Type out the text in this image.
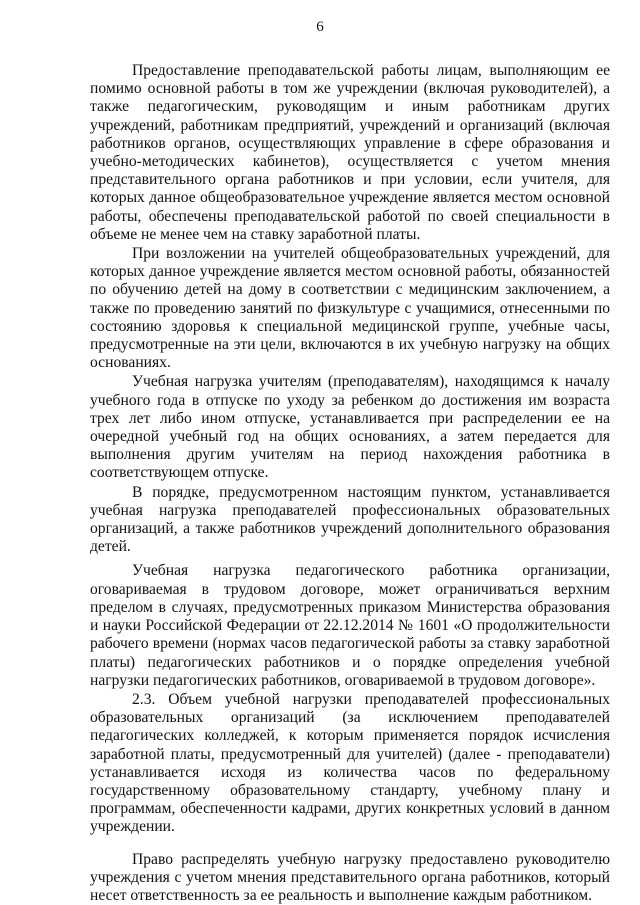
6

Предоставление преподавательской работы лицам, выполняющим ее помимо основной работы в том же учреждении (включая руководителей), а также педагогическим, руководящим и иным работникам других учреждений, работникам предприятий, учреждений и организаций (включая работников органов, осуществляющих управление в сфере образования и учебно-методических кабинетов), осуществляется с учетом мнения представительного органа работников и при условии, если учителя, для которых данное общеобразовательное учреждение является местом основной работы, обеспечены преподавательской работой по своей специальности в объеме не менее чем на ставку заработной платы.

При возложении на учителей общеобразовательных учреждений, для которых данное учреждение является местом основной работы, обязанностей по обучению детей на дому в соответствии с медицинским заключением, а также по проведению занятий по физкультуре с учащимися, отнесенными по состоянию здоровья к специальной медицинской группе, учебные часы, предусмотренные на эти цели, включаются в их учебную нагрузку на общих основаниях.

Учебная нагрузка учителям (преподавателям), находящимся к началу учебного года в отпуске по уходу за ребенком до достижения им возраста трех лет либо ином отпуске, устанавливается при распределении ее на очередной учебный год на общих основаниях, а затем передается для выполнения другим учителям на период нахождения работника в соответствующем отпуске.

В порядке, предусмотренном настоящим пунктом, устанавливается учебная нагрузка преподавателей профессиональных образовательных организаций, а также работников учреждений дополнительного образования детей.

Учебная нагрузка педагогического работника организации, оговариваемая в трудовом договоре, может ограничиваться верхним пределом в случаях, предусмотренных приказом Министерства образования и науки Российской Федерации от 22.12.2014 № 1601 «О продолжительности рабочего времени (нормах часов педагогической работы за ставку заработной платы) педагогических работников и о порядке определения учебной нагрузки педагогических работников, оговариваемой в трудовом договоре».

2.3. Объем учебной нагрузки преподавателей профессиональных образовательных организаций (за исключением преподавателей педагогических колледжей, к которым применяется порядок исчисления заработной платы, предусмотренный для учителей) (далее - преподаватели) устанавливается исходя из количества часов по федеральному государственному образовательному стандарту, учебному плану и программам, обеспеченности кадрами, других конкретных условий в данном учреждении.

Право распределять учебную нагрузку предоставлено руководителю учреждения с учетом мнения представительного органа работников, который несет ответственность за ее реальность и выполнение каждым работником.
